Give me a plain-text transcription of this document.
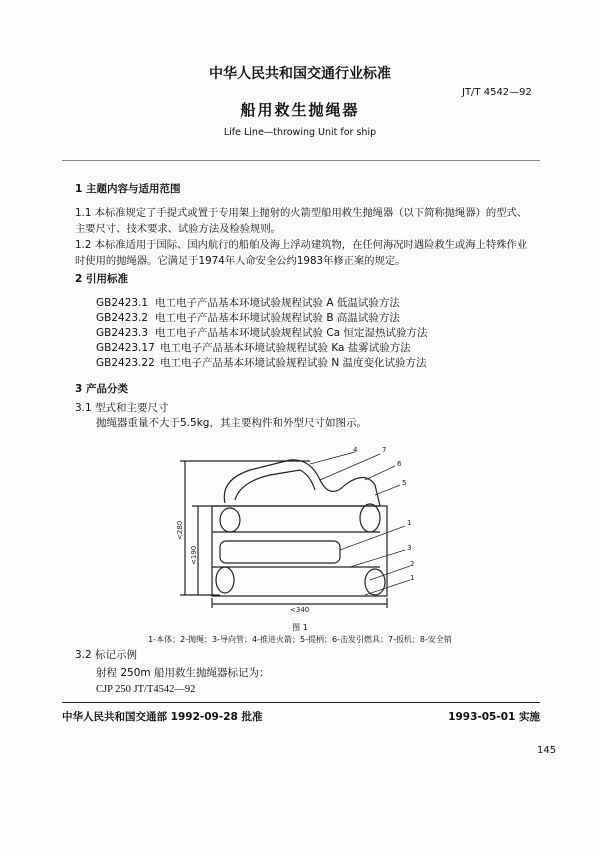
中华人民共和国交通行业标准
JT/T 4542—92
船用救生抛绳器
Life Line—throwing Unit for ship
1 主题内容与适用范围
1.1 本标准规定了手提式或置于专用架上抛射的火箭型船用救生抛绳器（以下简称抛绳器）的型式、
主要尺寸、技术要求、试验方法及检验规则。
1.2 本标准适用于国际、国内航行的船舶及海上浮动建筑物，在任何海况时遇险救生或海上特殊作业
时使用的抛绳器。它满足于1974年人命安全公约1983年修正案的规定。
2 引用标准
GB2423.1 电工电子产品基本环境试验规程试验 A 低温试验方法
GB2423.2 电工电子产品基本环境试验规程试验 B 高温试验方法
GB2423.3 电工电子产品基本环境试验规程试验 Ca 恒定湿热试验方法
GB2423.17 电工电子产品基本环境试验规程试验 Ka 盐雾试验方法
GB2423.22 电工电子产品基本环境试验规程试验 N 温度变化试验方法
3 产品分类
3.1 型式和主要尺寸
抛绳器重量不大于5.5kg，其主要构件和外型尺寸如图示。
4	7
6
5
1
3
2
1
<340
<280
<190
图 1
1-本体；2-抛绳；3-导向管；4-推进火箭；5-提柄；6-击发引燃具；7-扳机；8-安全销
3.2 标记示例
射程 250m 船用救生抛绳器标记为：
CJP 250 JT/T4542—92
中华人民共和国交通部 1992-09-28 批准	1993-05-01 实施
145
